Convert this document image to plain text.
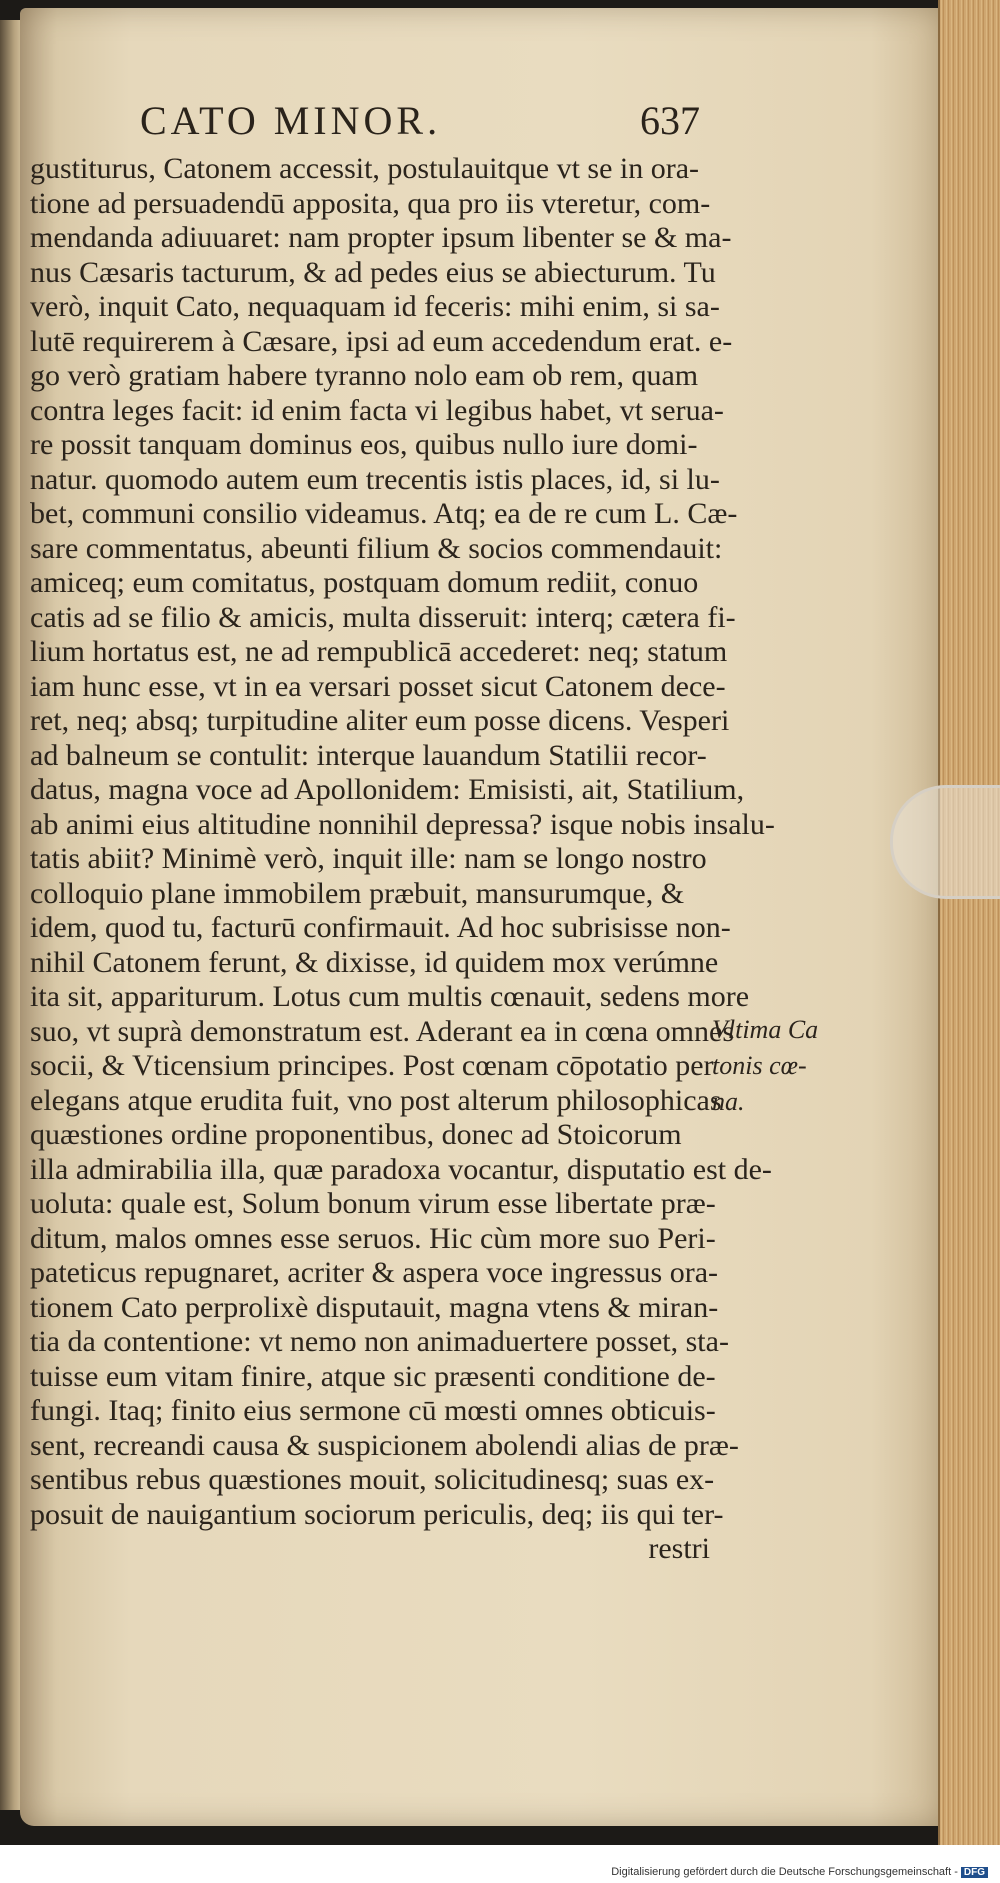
CATO MINOR.	637
gustiturus, Catonem accessit, postulauitque vt se in ora-
tione ad persuadendū apposita, qua pro iis vteretur, com-
mendanda adiuuaret: nam propter ipsum libenter se & ma-
nus Cæsaris tacturum, & ad pedes eius se abiecturum. Tu
verò, inquit Cato, nequaquam id feceris: mihi enim, si sa-
lutē requirerem à Cæsare, ipsi ad eum accedendum erat. e-
go verò gratiam habere tyranno nolo eam ob rem, quam
contra leges facit: id enim facta vi legibus habet, vt serua-
re possit tanquam dominus eos, quibus nullo iure domi-
natur. quomodo autem eum trecentis istis places, id, si lu-
bet, communi consilio videamus. Atq; ea de re cum L. Cæ-
sare commentatus, abeunti filium & socios commendauit:
amiceq; eum comitatus, postquam domum rediit, conuo
catis ad se filio & amicis, multa disseruit: interq; cætera fi-
lium hortatus est, ne ad rempublicā accederet: neq; statum
iam hunc esse, vt in ea versari posset sicut Catonem dece-
ret, neq; absq; turpitudine aliter eum posse dicens. Vesperi
ad balneum se contulit: interque lauandum Statilii recor-
datus, magna voce ad Apollonidem: Emisisti, ait, Statilium,
ab animi eius altitudine nonnihil depressa? isque nobis insalu-
tatis abiit? Minimè verò, inquit ille: nam se longo nostro
colloquio plane immobilem præbuit, mansurumque, &
idem, quod tu, facturū confirmauit. Ad hoc subrisisse non-
nihil Catonem ferunt, & dixisse, id quidem mox verúmne
ita sit, appariturum. Lotus cum multis cœnauit, sedens more
suo, vt suprà demonstratum est. Aderant ea in cœna omnes
socii, & Vticensium principes. Post cœnam cōpotatio per
elegans atque erudita fuit, vno post alterum philosophicas
quæstiones ordine proponentibus, donec ad Stoicorum
illa admirabilia illa, quæ paradoxa vocantur, disputatio est de-
uoluta: quale est, Solum bonum virum esse libertate præ-
ditum, malos omnes esse seruos. Hic cùm more suo Peri-
pateticus repugnaret, acriter & aspera voce ingressus ora-
tionem Cato perprolixè disputauit, magna vtens & miran-
tia da contentione: vt nemo non animaduertere posset, sta-
tuisse eum vitam finire, atque sic præsenti conditione de-
fungi. Itaq; finito eius sermone cū mœsti omnes obticuis-
sent, recreandi causa & suspicionem abolendi alias de præ-
sentibus rebus quæstiones mouit, solicitudinesq; suas ex-
posuit de nauigantium sociorum periculis, deq; iis qui ter-
restri
Vltima Ca
tonis cœ-
na.
Digitalisierung gefördert durch die Deutsche Forschungsgemeinschaft - DFG
